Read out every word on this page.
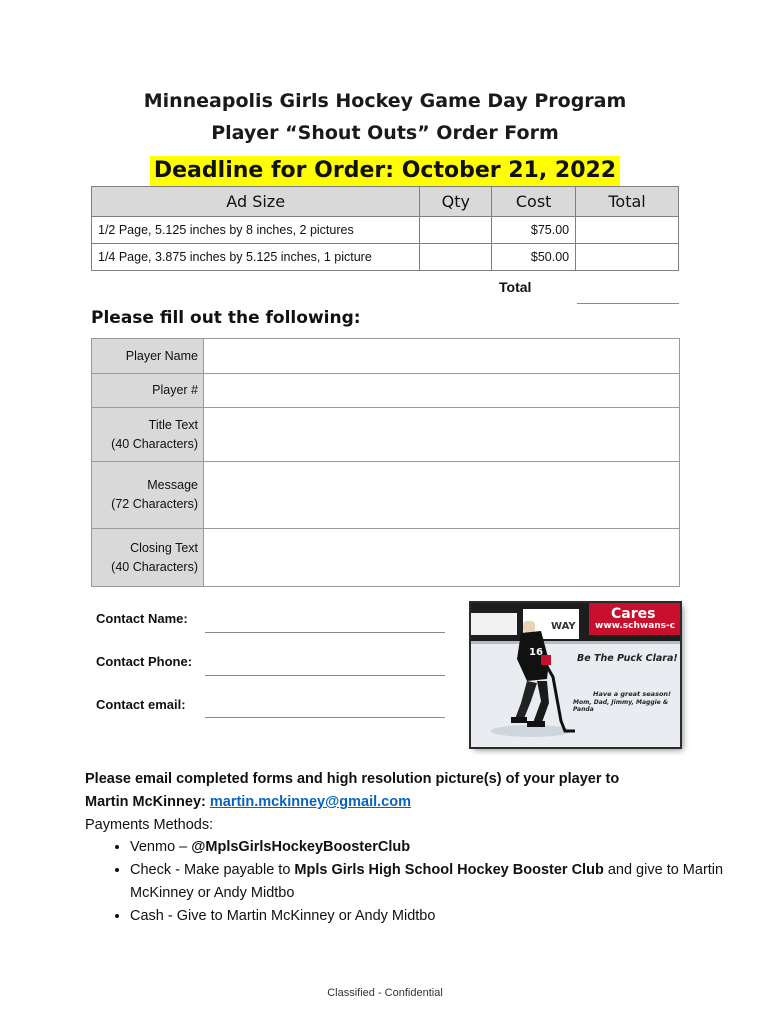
Minneapolis Girls Hockey Game Day Program
Player “Shout Outs” Order Form
Deadline for Order: October 21, 2022
Ad Size	Qty	Cost	Total
1/2 Page, 5.125 inches by 8 inches, 2 pictures		$75.00	
1/4 Page, 3.875 inches by 5.125 inches, 1 picture		$50.00	
Total
Please fill out the following:
Player Name	
Player #	
Title Text
(40 Characters)	
Message
(72 Characters)	
Closing Text
(40 Characters)	
Contact Name:
Contact Phone:
Contact email:
Cares
www.schwans-c
WAY
16
Be The Puck Clara!
Have a great season!
Mom, Dad, Jimmy, Maggie & Panda
Please email completed forms and high resolution picture(s) of your player to
Martin McKinney: martin.mckinney@gmail.com
Payments Methods:
• Venmo – @MplsGirlsHockeyBoosterClub
• Check - Make payable to Mpls Girls High School Hockey Booster Club and give to Martin McKinney or Andy Midtbo
• Cash - Give to Martin McKinney or Andy Midtbo
Classified - Confidential
